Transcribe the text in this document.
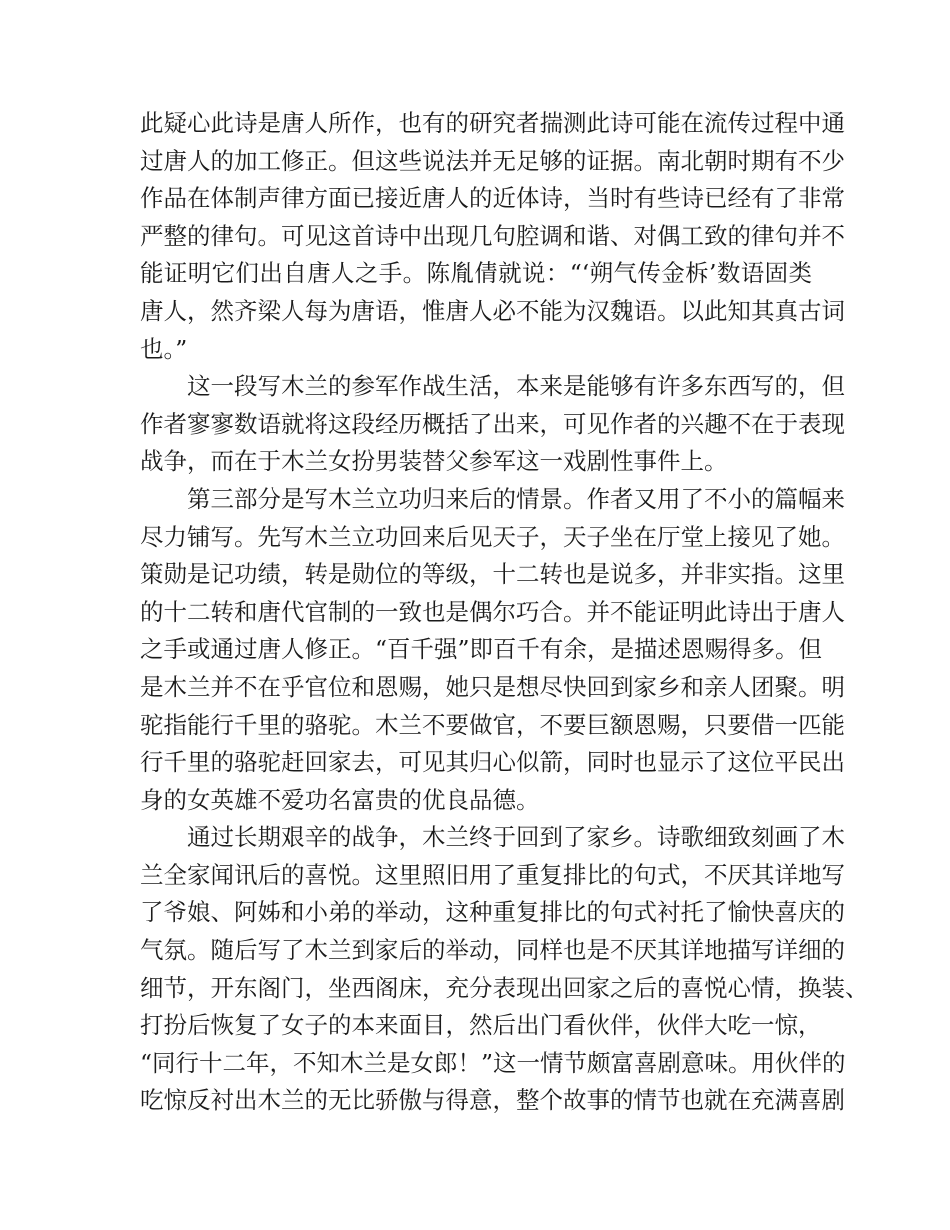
此疑心此诗是唐人所作，也有的研究者揣测此诗可能在流传过程中通
过唐人的加工修正。但这些说法并无足够的证据。南北朝时期有不少
作品在体制声律方面已接近唐人的近体诗，当时有些诗已经有了非常
严整的律句。可见这首诗中出现几句腔调和谐、对偶工致的律句并不
能证明它们出自唐人之手。陈胤倩就说：“‘朔气传金柝’数语固类
唐人，然齐梁人每为唐语，惟唐人必不能为汉魏语。以此知其真古词
也。”
这一段写木兰的参军作战生活，本来是能够有许多东西写的，但
作者寥寥数语就将这段经历概括了出来，可见作者的兴趣不在于表现
战争，而在于木兰女扮男装替父参军这一戏剧性事件上。
第三部分是写木兰立功归来后的情景。作者又用了不小的篇幅来
尽力铺写。先写木兰立功回来后见天子，天子坐在厅堂上接见了她。
策勋是记功绩，转是勋位的等级，十二转也是说多，并非实指。这里
的十二转和唐代官制的一致也是偶尔巧合。并不能证明此诗出于唐人
之手或通过唐人修正。“百千强”即百千有余，是描述恩赐得多。但
是木兰并不在乎官位和恩赐，她只是想尽快回到家乡和亲人团聚。明
驼指能行千里的骆驼。木兰不要做官，不要巨额恩赐，只要借一匹能
行千里的骆驼赶回家去，可见其归心似箭，同时也显示了这位平民出
身的女英雄不爱功名富贵的优良品德。
通过长期艰辛的战争，木兰终于回到了家乡。诗歌细致刻画了木
兰全家闻讯后的喜悦。这里照旧用了重复排比的句式，不厌其详地写
了爷娘、阿姊和小弟的举动，这种重复排比的句式衬托了愉快喜庆的
气氛。随后写了木兰到家后的举动，同样也是不厌其详地描写详细的
细节，开东阁门，坐西阁床，充分表现出回家之后的喜悦心情，换装、
打扮后恢复了女子的本来面目，然后出门看伙伴，伙伴大吃一惊，
“同行十二年，不知木兰是女郎！”这一情节颇富喜剧意味。用伙伴的
吃惊反衬出木兰的无比骄傲与得意，整个故事的情节也就在充满喜剧
